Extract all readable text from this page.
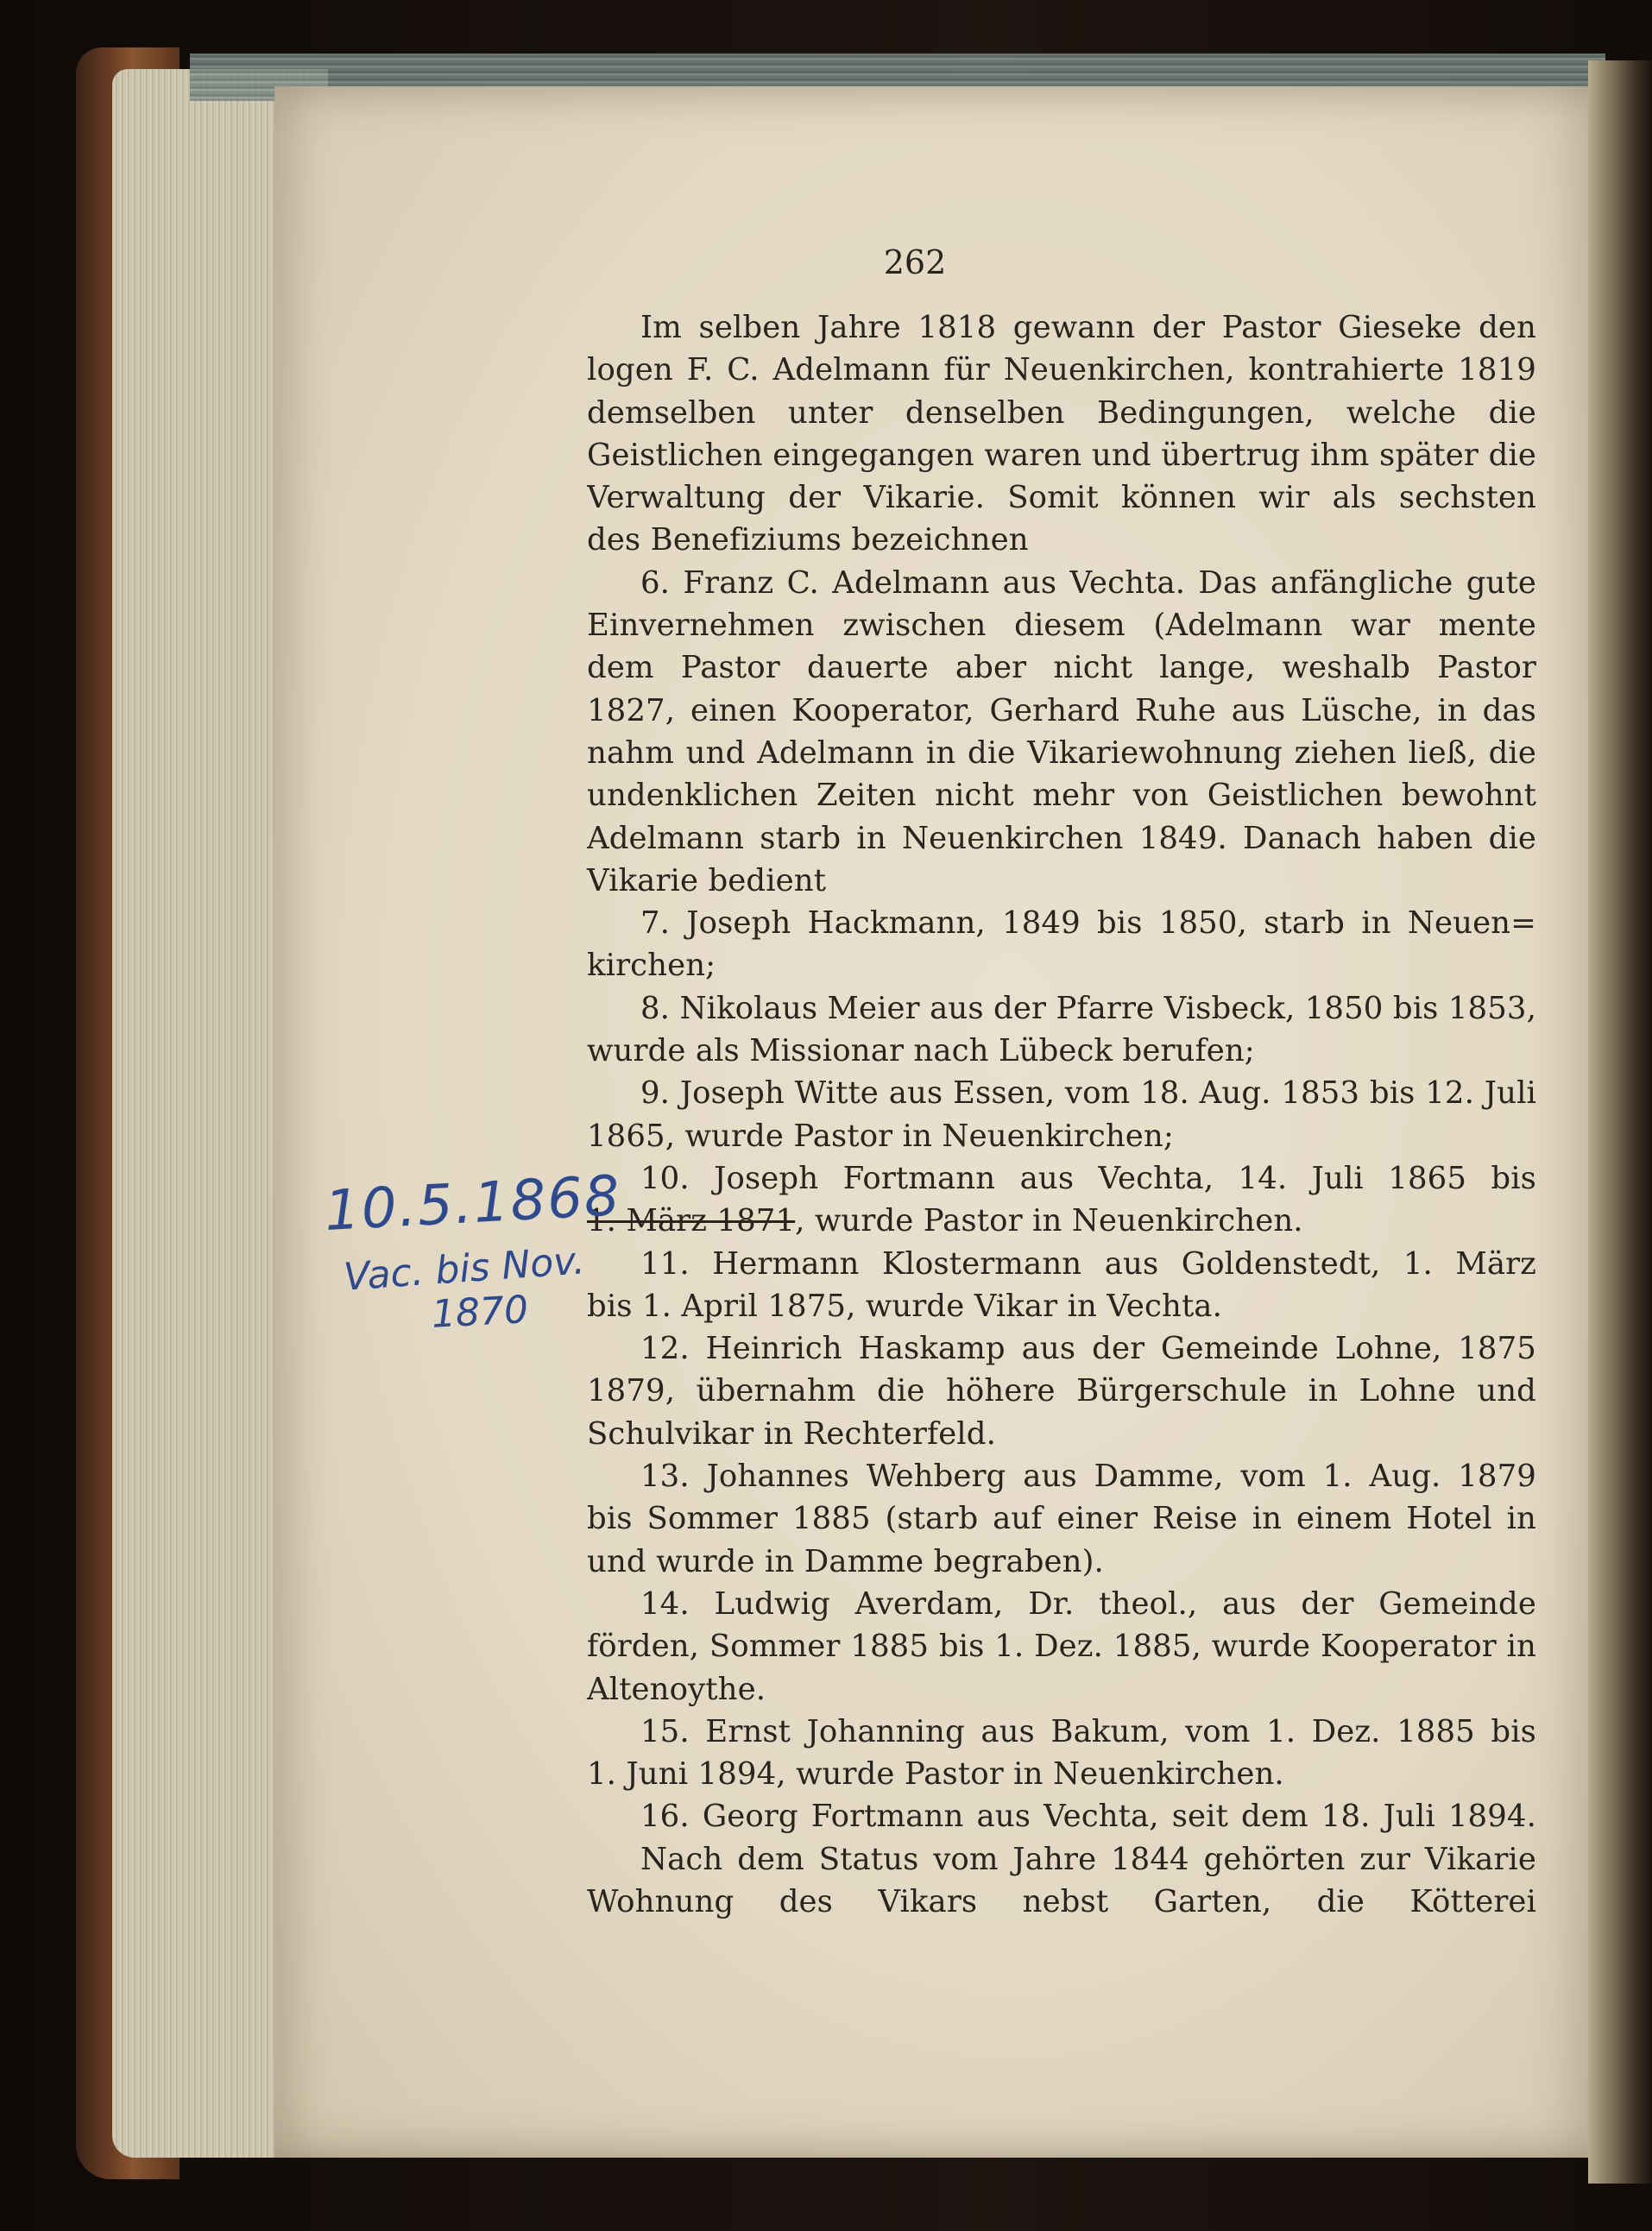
262
Im selben Jahre 1818 gewann der Pastor Gieseke den
logen F. C. Adelmann für Neuenkirchen, kontrahierte 1819
demselben unter denselben Bedingungen, welche die
Geistlichen eingegangen waren und übertrug ihm später die
Verwaltung der Vikarie. Somit können wir als sechsten
des Benefiziums bezeichnen
6. Franz C. Adelmann aus Vechta. Das anfängliche gute
Einvernehmen zwischen diesem (Adelmann war mente
dem Pastor dauerte aber nicht lange, weshalb Pastor
1827, einen Kooperator, Gerhard Ruhe aus Lüsche, in das
nahm und Adelmann in die Vikariewohnung ziehen ließ, die
undenklichen Zeiten nicht mehr von Geistlichen bewohnt
Adelmann starb in Neuenkirchen 1849. Danach haben die
Vikarie bedient
7. Joseph Hackmann, 1849 bis 1850, starb in Neuen=
kirchen;
8. Nikolaus Meier aus der Pfarre Visbeck, 1850 bis 1853,
wurde als Missionar nach Lübeck berufen;
9. Joseph Witte aus Essen, vom 18. Aug. 1853 bis 12. Juli
1865, wurde Pastor in Neuenkirchen;
10. Joseph Fortmann aus Vechta, 14. Juli 1865 bis
1. März 1871, wurde Pastor in Neuenkirchen.
11. Hermann Klostermann aus Goldenstedt, 1. März
bis 1. April 1875, wurde Vikar in Vechta.
12. Heinrich Haskamp aus der Gemeinde Lohne, 1875
1879, übernahm die höhere Bürgerschule in Lohne und
Schulvikar in Rechterfeld.
13. Johannes Wehberg aus Damme, vom 1. Aug. 1879
bis Sommer 1885 (starb auf einer Reise in einem Hotel in
und wurde in Damme begraben).
14. Ludwig Averdam, Dr. theol., aus der Gemeinde
förden, Sommer 1885 bis 1. Dez. 1885, wurde Kooperator in
Altenoythe.
15. Ernst Johanning aus Bakum, vom 1. Dez. 1885 bis
1. Juni 1894, wurde Pastor in Neuenkirchen.
16. Georg Fortmann aus Vechta, seit dem 18. Juli 1894.
Nach dem Status vom Jahre 1844 gehörten zur Vikarie
Wohnung des Vikars nebst Garten, die Kötterei
10.5.1868
Vac. bis Nov.
1870
